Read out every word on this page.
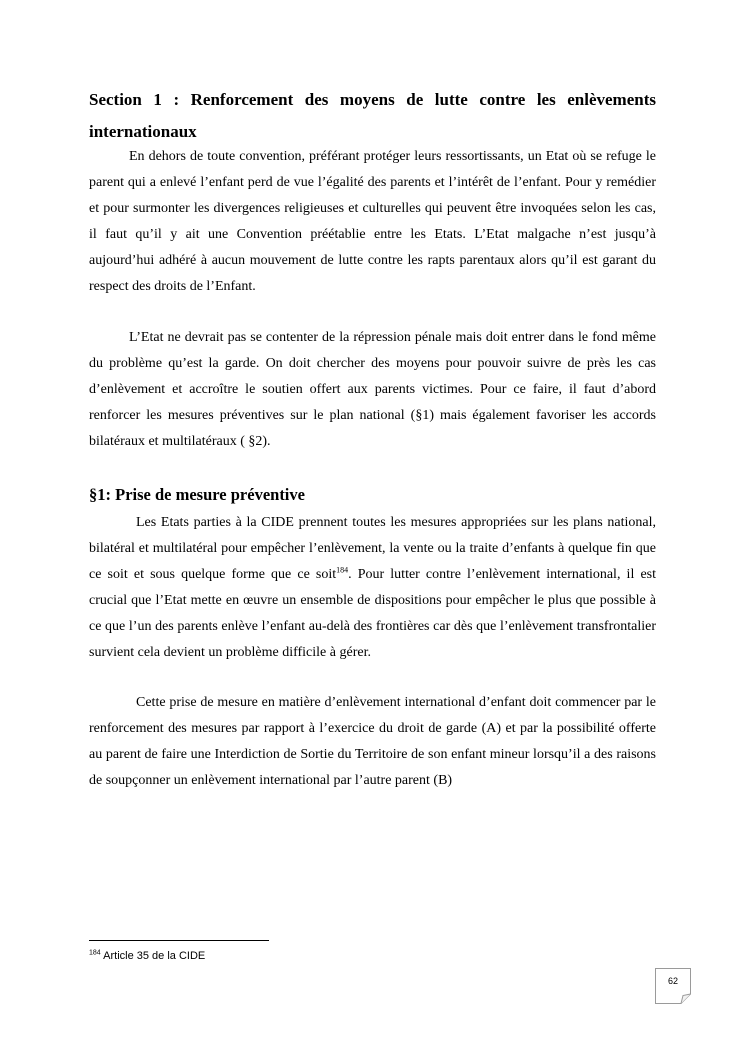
Section 1 : Renforcement des moyens de lutte contre les enlèvements internationaux

En dehors de toute convention, préférant protéger leurs ressortissants, un Etat où se refuge le parent qui a enlevé l’enfant perd de vue l’égalité des parents et l’intérêt de l’enfant. Pour y remédier et pour surmonter les divergences religieuses et culturelles qui peuvent être invoquées selon les cas, il faut qu’il y ait une Convention préétablie entre les Etats. L’Etat malgache n’est jusqu’à aujourd’hui adhéré à aucun mouvement de lutte contre les rapts parentaux alors qu’il est garant du respect des droits de l’Enfant.

L’Etat ne devrait pas se contenter de la répression pénale mais doit entrer dans le fond même du problème qu’est la garde. On doit chercher des moyens pour pouvoir suivre de près les cas d’enlèvement et accroître le soutien offert aux parents victimes. Pour ce faire, il faut d’abord renforcer les mesures préventives sur le plan national (§1) mais également favoriser les accords bilatéraux et multilatéraux ( §2).

§1: Prise de mesure préventive

Les Etats parties à la CIDE prennent toutes les mesures appropriées sur les plans national, bilatéral et multilatéral pour empêcher l’enlèvement, la vente ou la traite d’enfants à quelque fin que ce soit et sous quelque forme que ce soit$^{184}$. Pour lutter contre l’enlèvement international, il est crucial que l’Etat mette en œuvre un ensemble de dispositions pour empêcher le plus que possible à ce que l’un des parents enlève l’enfant au-delà des frontières car dès que l’enlèvement transfrontalier survient cela devient un problème difficile à gérer.

Cette prise de mesure en matière d’enlèvement international d’enfant doit commencer par le renforcement des mesures par rapport à l’exercice du droit de garde (A) et par la possibilité offerte au parent de faire une Interdiction de Sortie du Territoire de son enfant mineur lorsqu’il a des raisons de soupçonner un enlèvement international par l’autre parent (B)

$^{184}$ Article 35 de la CIDE
62
